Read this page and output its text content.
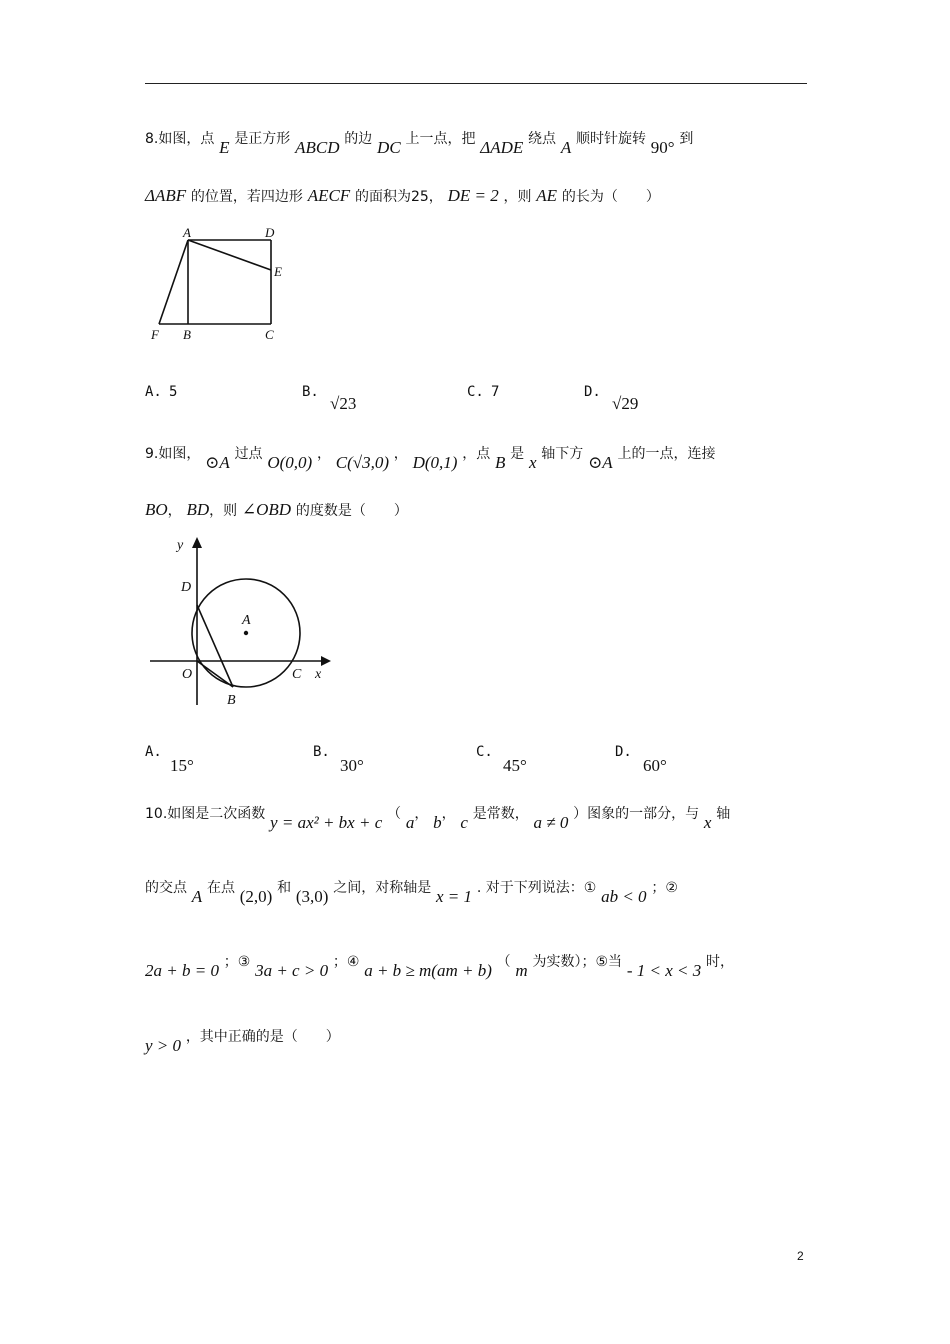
8.如图，点 E 是正方形 ABCD 的边 DC 上一点，把 ΔADE 绕点 A 顺时针旋转 90° 到
ΔABF 的位置，若四边形 AECF 的面积为25， DE = 2 ，则 AE 的长为（　　）
A	D
E
F B	C
A. 5	B.
√23
C. 7	D.
√29
9.如图， ⊙A 过点 O(0,0) ， C(√3,0) ， D(0,1) ，点 B 是 x 轴下方 ⊙A 上的一点，连接
BO， BD，则 ∠OBD 的度数是（　　）
y
D
A
O	C x
B
A.
15°
B.
30°
C.
45°
D.
60°
10.如图是二次函数 y = ax² + bx + c （ a， b， c 是常数， a ≠ 0 ）图象的一部分，与 x 轴
的交点 A 在点 (2,0) 和 (3,0) 之间，对称轴是 x = 1 . 对于下列说法：① ab < 0 ；②
2a + b = 0 ；③ 3a + c > 0 ；④ a + b ≥ m(am + b) （ m 为实数）；⑤当 - 1 < x < 3 时，
y > 0 ，其中正确的是（　　）
2
